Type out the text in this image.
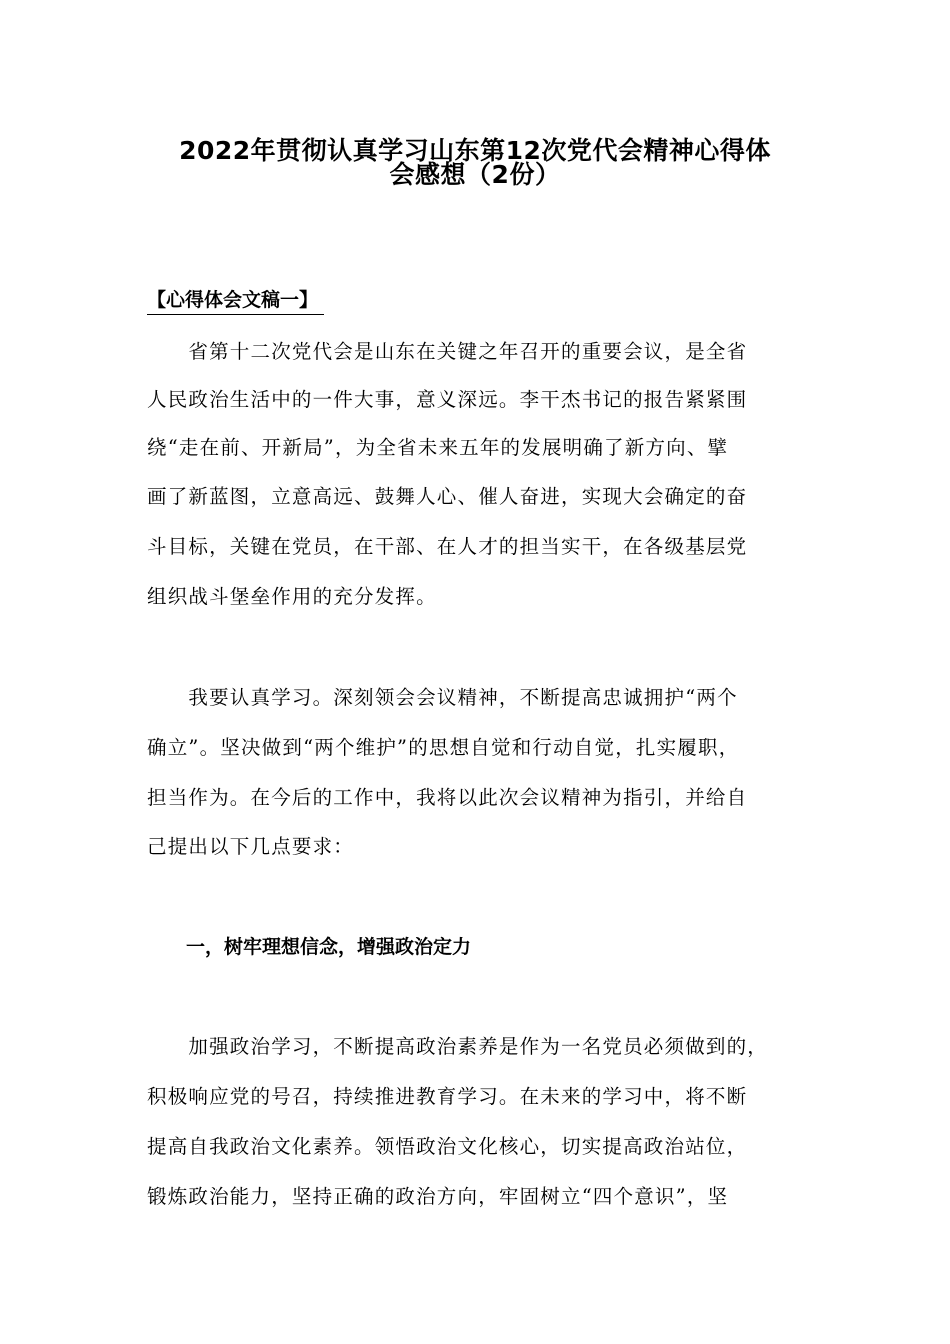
2022年贯彻认真学习山东第12次党代会精神心得体
会感想（2份）
【心得体会文稿一】
　　省第十二次党代会是山东在关键之年召开的重要会议，是全省
人民政治生活中的一件大事，意义深远。李干杰书记的报告紧紧围
绕“走在前、开新局”，为全省未来五年的发展明确了新方向、擘
画了新蓝图，立意高远、鼓舞人心、催人奋进，实现大会确定的奋
斗目标，关键在党员，在干部、在人才的担当实干，在各级基层党
组织战斗堡垒作用的充分发挥。
　　我要认真学习。深刻领会会议精神，不断提高忠诚拥护“两个
确立”。坚决做到“两个维护”的思想自觉和行动自觉，扎实履职，
担当作为。在今后的工作中，我将以此次会议精神为指引，并给自
己提出以下几点要求：
一，树牢理想信念，增强政治定力
　　加强政治学习，不断提高政治素养是作为一名党员必须做到的，
积极响应党的号召，持续推进教育学习。在未来的学习中，将不断
提高自我政治文化素养。领悟政治文化核心，切实提高政治站位，
锻炼政治能力，坚持正确的政治方向，牢固树立“四个意识”，坚
